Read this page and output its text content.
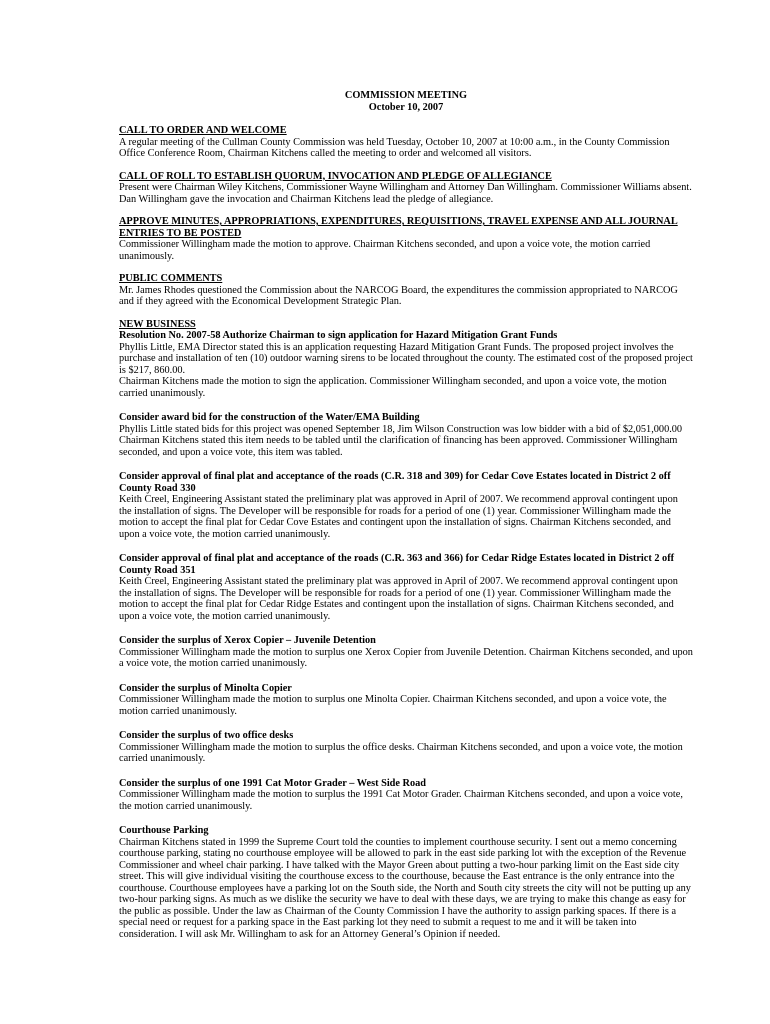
COMMISSION MEETING
October 10, 2007
CALL TO ORDER AND WELCOME

A regular meeting of the Cullman County Commission was held Tuesday, October 10, 2007 at 10:00 a.m., in the County Commission Office Conference Room, Chairman Kitchens called the meeting to order and welcomed all visitors.

CALL OF ROLL TO ESTABLISH QUORUM, INVOCATION AND PLEDGE OF ALLEGIANCE

Present were Chairman Wiley Kitchens, Commissioner Wayne Willingham and Attorney Dan Willingham. Commissioner Williams absent. Dan Willingham gave the invocation and Chairman Kitchens lead the pledge of allegiance.

APPROVE MINUTES, APPROPRIATIONS, EXPENDITURES, REQUISITIONS, TRAVEL EXPENSE AND ALL JOURNAL ENTRIES TO BE POSTED

Commissioner Willingham made the motion to approve. Chairman Kitchens seconded, and upon a voice vote, the motion carried unanimously.

PUBLIC COMMENTS

Mr. James Rhodes questioned the Commission about the NARCOG Board, the expenditures the commission appropriated to NARCOG and if they agreed with the Economical Development Strategic Plan.

NEW BUSINESS
Resolution No. 2007-58 Authorize Chairman to sign application for Hazard Mitigation Grant Funds

Phyllis Little, EMA Director stated this is an application requesting Hazard Mitigation Grant Funds. The proposed project involves the purchase and installation of ten (10) outdoor warning sirens to be located throughout the county. The estimated cost of the proposed project is $217, 860.00.

Chairman Kitchens made the motion to sign the application. Commissioner Willingham seconded, and upon a voice vote, the motion carried unanimously.

Consider award bid for the construction of the Water/EMA Building

Phyllis Little stated bids for this project was opened September 18, Jim Wilson Construction was low bidder with a bid of $2,051,000.00

Chairman Kitchens stated this item needs to be tabled until the clarification of financing has been approved. Commissioner Willingham seconded, and upon a voice vote, this item was tabled.

Consider approval of final plat and acceptance of the roads (C.R. 318 and 309) for Cedar Cove Estates located in District 2 off County Road 330

Keith Creel, Engineering Assistant stated the preliminary plat was approved in April of 2007. We recommend approval contingent upon the installation of signs. The Developer will be responsible for roads for a period of one (1) year. Commissioner Willingham made the motion to accept the final plat for Cedar Cove Estates and contingent upon the installation of signs. Chairman Kitchens seconded, and upon a voice vote, the motion carried unanimously.

Consider approval of final plat and acceptance of the roads (C.R. 363 and 366) for Cedar Ridge Estates located in District 2 off County Road 351

Keith Creel, Engineering Assistant stated the preliminary plat was approved in April of 2007. We recommend approval contingent upon the installation of signs. The Developer will be responsible for roads for a period of one (1) year. Commissioner Willingham made the motion to accept the final plat for Cedar Ridge Estates and contingent upon the installation of signs. Chairman Kitchens seconded, and upon a voice vote, the motion carried unanimously.

Consider the surplus of Xerox Copier – Juvenile Detention

Commissioner Willingham made the motion to surplus one Xerox Copier from Juvenile Detention. Chairman Kitchens seconded, and upon a voice vote, the motion carried unanimously.

Consider the surplus of Minolta Copier

Commissioner Willingham made the motion to surplus one Minolta Copier. Chairman Kitchens seconded, and upon a voice vote, the motion carried unanimously.

Consider the surplus of two office desks

Commissioner Willingham made the motion to surplus the office desks. Chairman Kitchens seconded, and upon a voice vote, the motion carried unanimously.

Consider the surplus of one 1991 Cat Motor Grader – West Side Road

Commissioner Willingham made the motion to surplus the 1991 Cat Motor Grader. Chairman Kitchens seconded, and upon a voice vote, the motion carried unanimously.

Courthouse Parking

Chairman Kitchens stated in 1999 the Supreme Court told the counties to implement courthouse security. I sent out a memo concerning courthouse parking, stating no courthouse employee will be allowed to park in the east side parking lot with the exception of the Revenue Commissioner and wheel chair parking. I have talked with the Mayor Green about putting a two-hour parking limit on the East side city street. This will give individual visiting the courthouse excess to the courthouse, because the East entrance is the only entrance into the courthouse. Courthouse employees have a parking lot on the South side, the North and South city streets the city will not be putting up any two-hour parking signs. As much as we dislike the security we have to deal with these days, we are trying to make this change as easy for the public as possible. Under the law as Chairman of the County Commission I have the authority to assign parking spaces. If there is a special need or request for a parking space in the East parking lot they need to submit a request to me and it will be taken into consideration. I will ask Mr. Willingham to ask for an Attorney General’s Opinion if needed.
